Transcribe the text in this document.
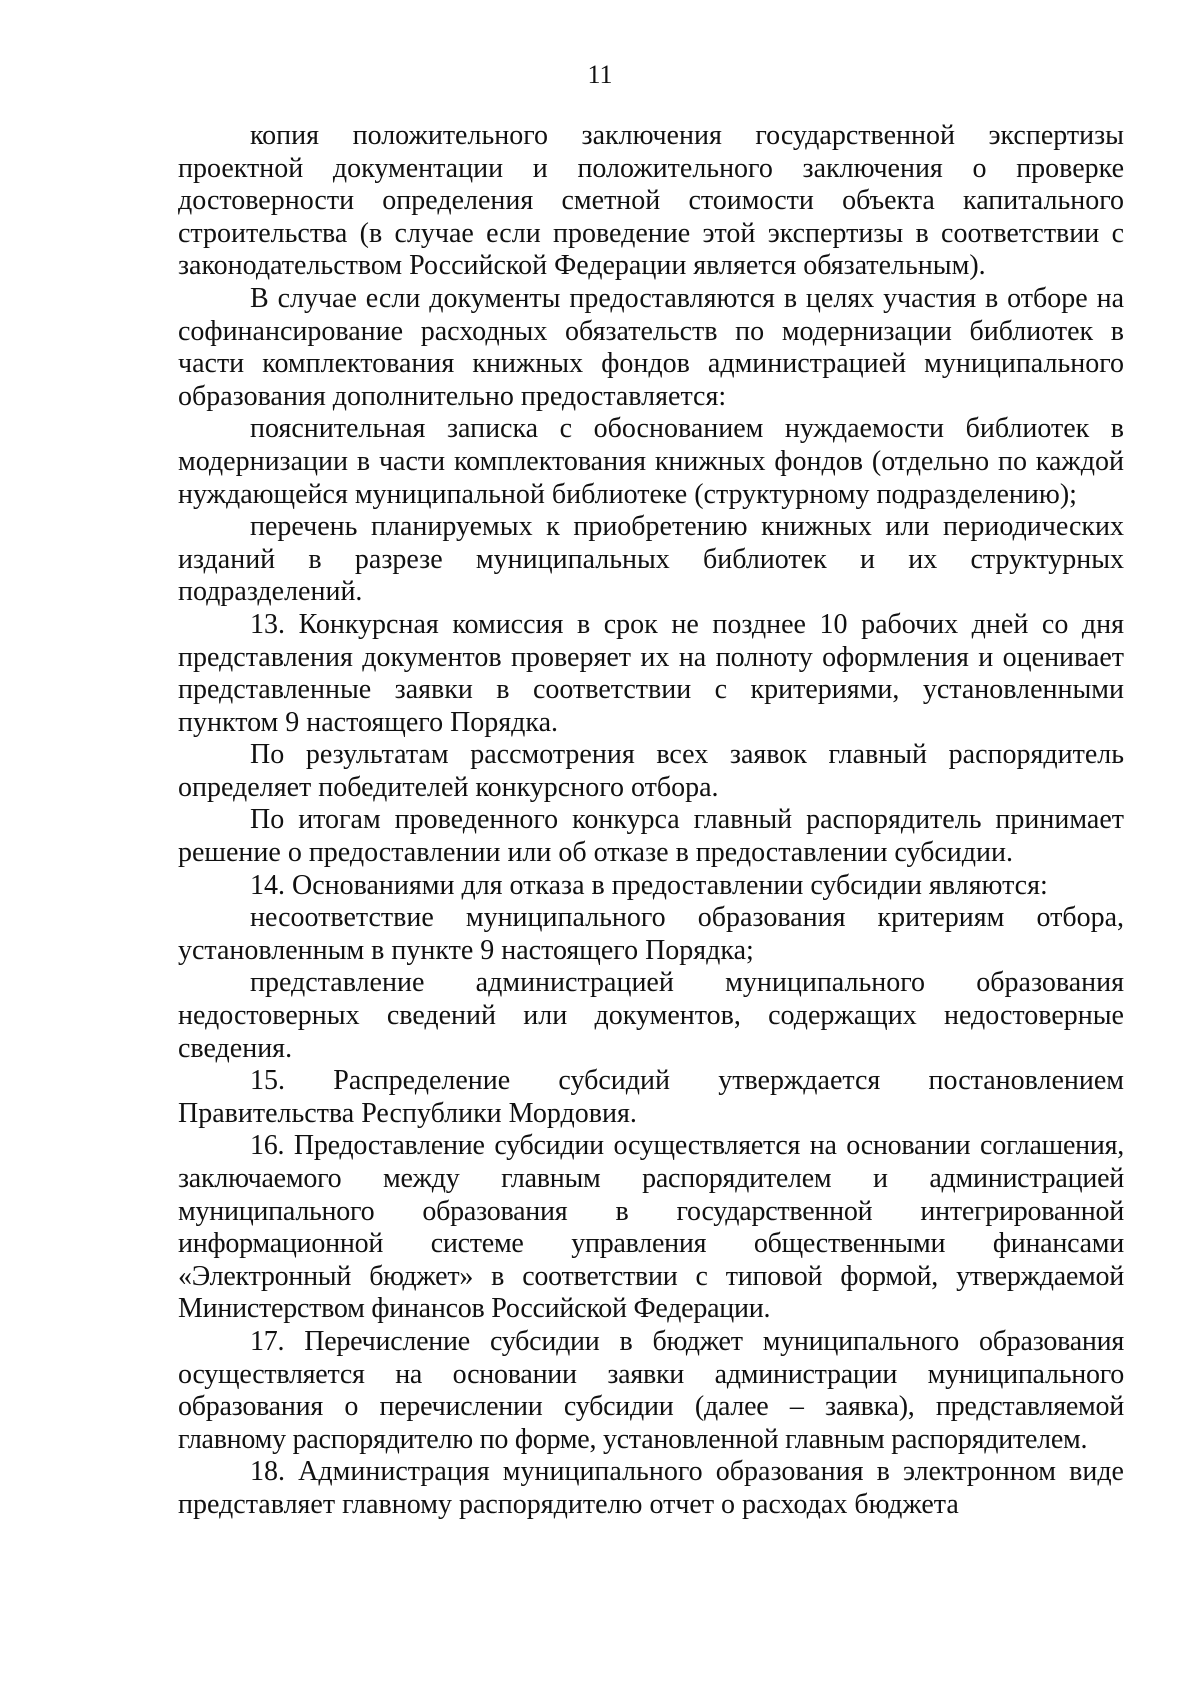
11

копия положительного заключения государственной экспертизы проектной документации и положительного заключения о проверке достоверности определения сметной стоимости объекта капитального строительства (в случае если проведение этой экспертизы в соответствии с законодательством Российской Федерации является обязательным).

В случае если документы предоставляются в целях участия в отборе на софинансирование расходных обязательств по модернизации библиотек в части комплектования книжных фондов администрацией муниципального образования дополнительно предоставляется:

пояснительная записка с обоснованием нуждаемости библиотек в модернизации в части комплектования книжных фондов (отдельно по каждой нуждающейся муниципальной библиотеке (структурному подразделению);

перечень планируемых к приобретению книжных или периодических изданий в разрезе муниципальных библиотек и их структурных подразделений.

13. Конкурсная комиссия в срок не позднее 10 рабочих дней со дня представления документов проверяет их на полноту оформления и оценивает представленные заявки в соответствии с критериями, установленными пунктом 9 настоящего Порядка.

По результатам рассмотрения всех заявок главный распорядитель определяет победителей конкурсного отбора.

По итогам проведенного конкурса главный распорядитель принимает решение о предоставлении или об отказе в предоставлении субсидии.

14. Основаниями для отказа в предоставлении субсидии являются:

несоответствие муниципального образования критериям отбора, установленным в пункте 9 настоящего Порядка;

представление администрацией муниципального образования недостоверных сведений или документов, содержащих недостоверные сведения.

15. Распределение субсидий утверждается постановлением Правительства Республики Мордовия.

16. Предоставление субсидии осуществляется на основании соглашения, заключаемого между главным распорядителем и администрацией муниципального образования в государственной интегрированной информационной системе управления общественными финансами «Электронный бюджет» в соответствии с типовой формой, утверждаемой Министерством финансов Российской Федерации.

17. Перечисление субсидии в бюджет муниципального образования осуществляется на основании заявки администрации муниципального образования о перечислении субсидии (далее – заявка), представляемой главному распорядителю по форме, установленной главным распорядителем.

18. Администрация муниципального образования в электронном виде представляет главному распорядителю отчет о расходах бюджета
